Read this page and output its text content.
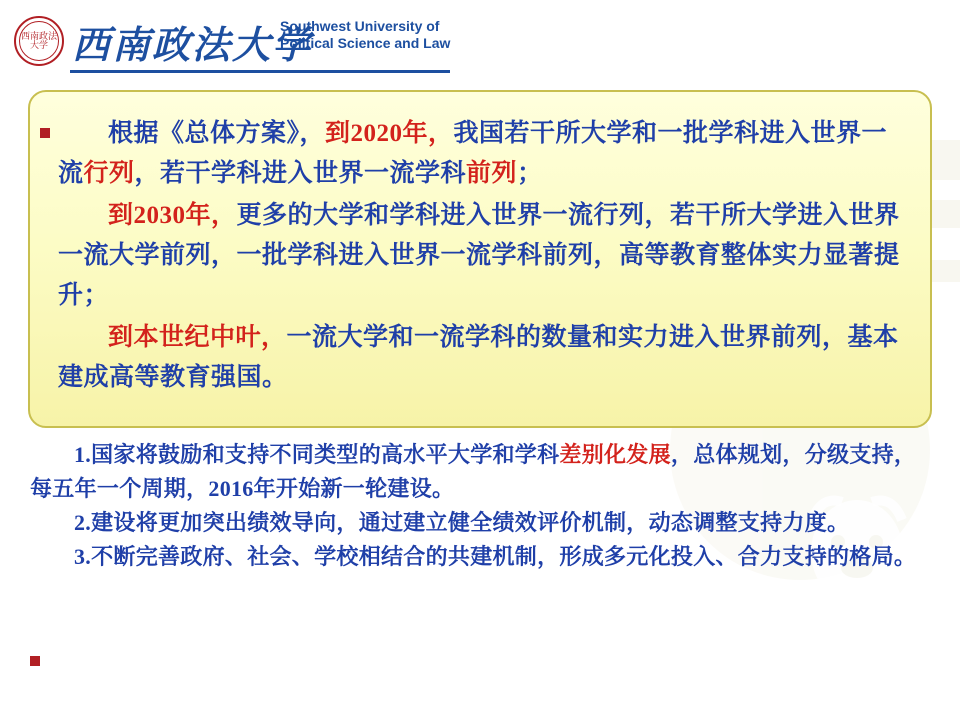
西南政法大学 西南政法大学
Southwest University of
Political Science and Law
根据《总体方案》，到2020年，我国若干所大学和一批学科进入世界一流行列，若干学科进入世界一流学科前列；
到2030年，更多的大学和学科进入世界一流行列，若干所大学进入世界一流大学前列，一批学科进入世界一流学科前列，高等教育整体实力显著提升；
到本世纪中叶，一流大学和一流学科的数量和实力进入世界前列，基本建成高等教育强国。
1.国家将鼓励和支持不同类型的高水平大学和学科差别化发展，总体规划，分级支持，每五年一个周期，2016年开始新一轮建设。
2.建设将更加突出绩效导向，通过建立健全绩效评价机制，动态调整支持力度。
3.不断完善政府、社会、学校相结合的共建机制，形成多元化投入、合力支持的格局。
